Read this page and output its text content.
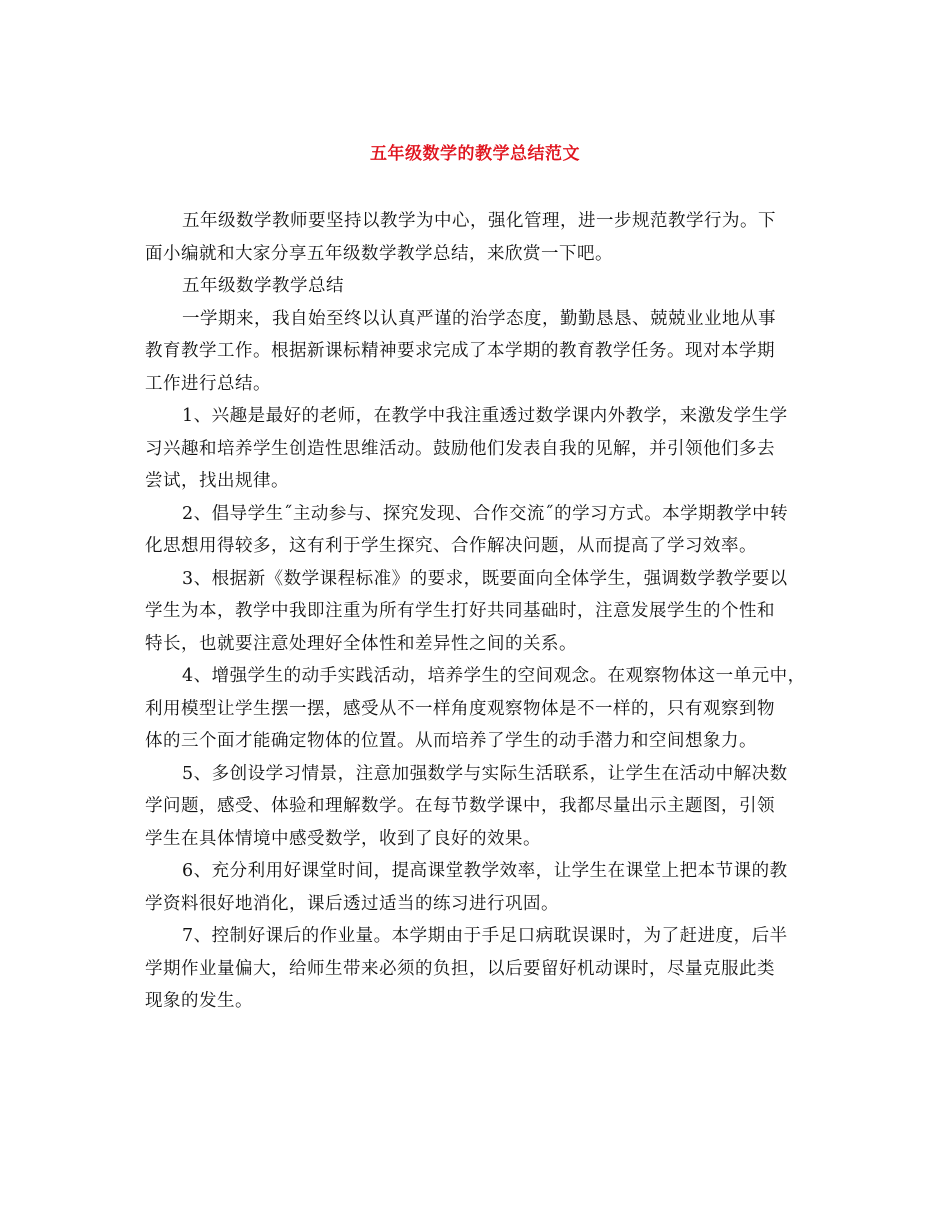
五年级数学的教学总结范文

五年级数学教师要坚持以教学为中心，强化管理，进一步规范教学行为。下
面小编就和大家分享五年级数学教学总结，来欣赏一下吧。

五年级数学教学总结

一学期来，我自始至终以认真严谨的治学态度，勤勤恳恳、兢兢业业地从事
教育教学工作。根据新课标精神要求完成了本学期的教育教学任务。现对本学期
工作进行总结。

1、兴趣是最好的老师，在教学中我注重透过数学课内外教学，来激发学生学
习兴趣和培养学生创造性思维活动。鼓励他们发表自我的见解，并引领他们多去
尝试，找出规律。

2、倡导学生˝主动参与、探究发现、合作交流˝的学习方式。本学期教学中转
化思想用得较多，这有利于学生探究、合作解决问题，从而提高了学习效率。

3、根据新《数学课程标准》的要求，既要面向全体学生，强调数学教学要以
学生为本，教学中我即注重为所有学生打好共同基础时，注意发展学生的个性和
特长，也就要注意处理好全体性和差异性之间的关系。

4、增强学生的动手实践活动，培养学生的空间观念。在观察物体这一单元中，
利用模型让学生摆一摆，感受从不一样角度观察物体是不一样的，只有观察到物
体的三个面才能确定物体的位置。从而培养了学生的动手潜力和空间想象力。

5、多创设学习情景，注意加强数学与实际生活联系，让学生在活动中解决数
学问题，感受、体验和理解数学。在每节数学课中，我都尽量出示主题图，引领
学生在具体情境中感受数学，收到了良好的效果。

6、充分利用好课堂时间，提高课堂教学效率，让学生在课堂上把本节课的教
学资料很好地消化，课后透过适当的练习进行巩固。

7、控制好课后的作业量。本学期由于手足口病耽误课时，为了赶进度，后半
学期作业量偏大，给师生带来必须的负担，以后要留好机动课时，尽量克服此类
现象的发生。
